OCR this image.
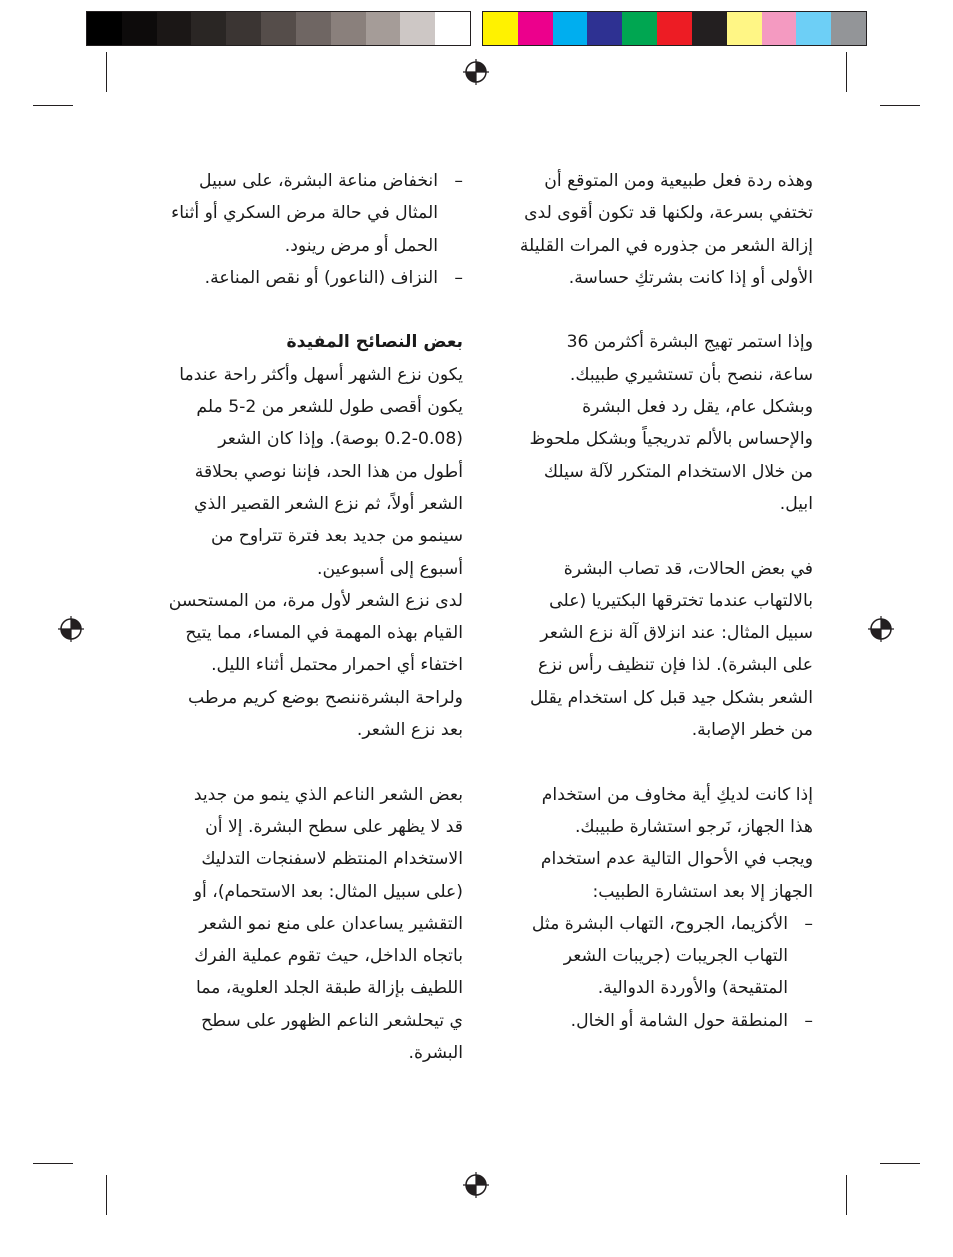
وهذه ردة فعل طبيعية ومن المتوقع أن

تختفي بسرعة، ولكنها قد تكون أقوى لدى

إزالة الشعر من جذوره في المرات القليلة

الأولى أو إذا كانت بشرتكِ حساسة.

وإذا استمر تهيج البشرة أكثرمن 36

ساعة، ننصح بأن تستشيري طبيبك.

وبشكل عام، يقل رد فعل البشرة

والإحساس بالألم تدريجياً وبشكل ملحوظ

من خلال الاستخدام المتكرر لآلة سيلك

ابيل.

في بعض الحالات، قد تصاب البشرة

بالالتهاب عندما تخترقها البكتيريا (على

سبيل المثال: عند انزلاق آلة نزع الشعر

على البشرة). لذا فإن تنظيف رأس نزع

الشعر بشكل جيد قبل كل استخدام يقلل

من خطر الإصابة.

إذا كانت لديكِ أية مخاوف من استخدام

هذا الجهاز، نَرجو استشارة طبيبك.

ويجب في الأحوال التالية عدم استخدام

الجهاز إلا بعد استشارة الطبيب:

–
الأكزيما، الجروح، التهاب البشرة مثل

التهاب الجريبات (جريبات الشعر

المتقيحة) والأوردة الدوالية.

–
المنطقة حول الشامة أو الخال.

–
انخفاض مناعة البشرة، على سبيل

المثال في حالة مرض السكري أو أثناء

الحمل أو مرض رينود.

–
النزاف (الناعور) أو نقص المناعة.

بعض النصائح المفيدة

يكون نزع الشهر أسهل وأكثر راحة عندما

يكون أقصى طول للشعر من 2-5 ملم

(0.2-0.08 بوصة). وإذا كان الشعر

أطول من هذا الحد، فإننا نوصي بحلاقة

الشعر أولاً، ثم نزع الشعر القصير الذي

سينمو من جديد بعد فترة تتراوح من

أسبوع إلى أسبوعين.

لدى نزع الشعر لأول مرة، من المستحسن

القيام بهذه المهمة في المساء، مما يتيح

اختفاء أي احمرار محتمل أثناء الليل.

ولراحة البشرةننصح بوضع كريم مرطب

بعد نزع الشعر.

بعض الشعر الناعم الذي ينمو من جديد

قد لا يظهر على سطح البشرة. إلا أن

الاستخدام المنتظم لاسفنجات التدليك

(على سبيل المثال: بعد الاستحمام)، أو

التقشير يساعدان على منع نمو الشعر

باتجاه الداخل، حيث تقوم عملية الفرك

اللطيف بإزالة طبقة الجلد العلوية، مما

ي تيحلشعر الناعم الظهور على سطح

البشرة.
